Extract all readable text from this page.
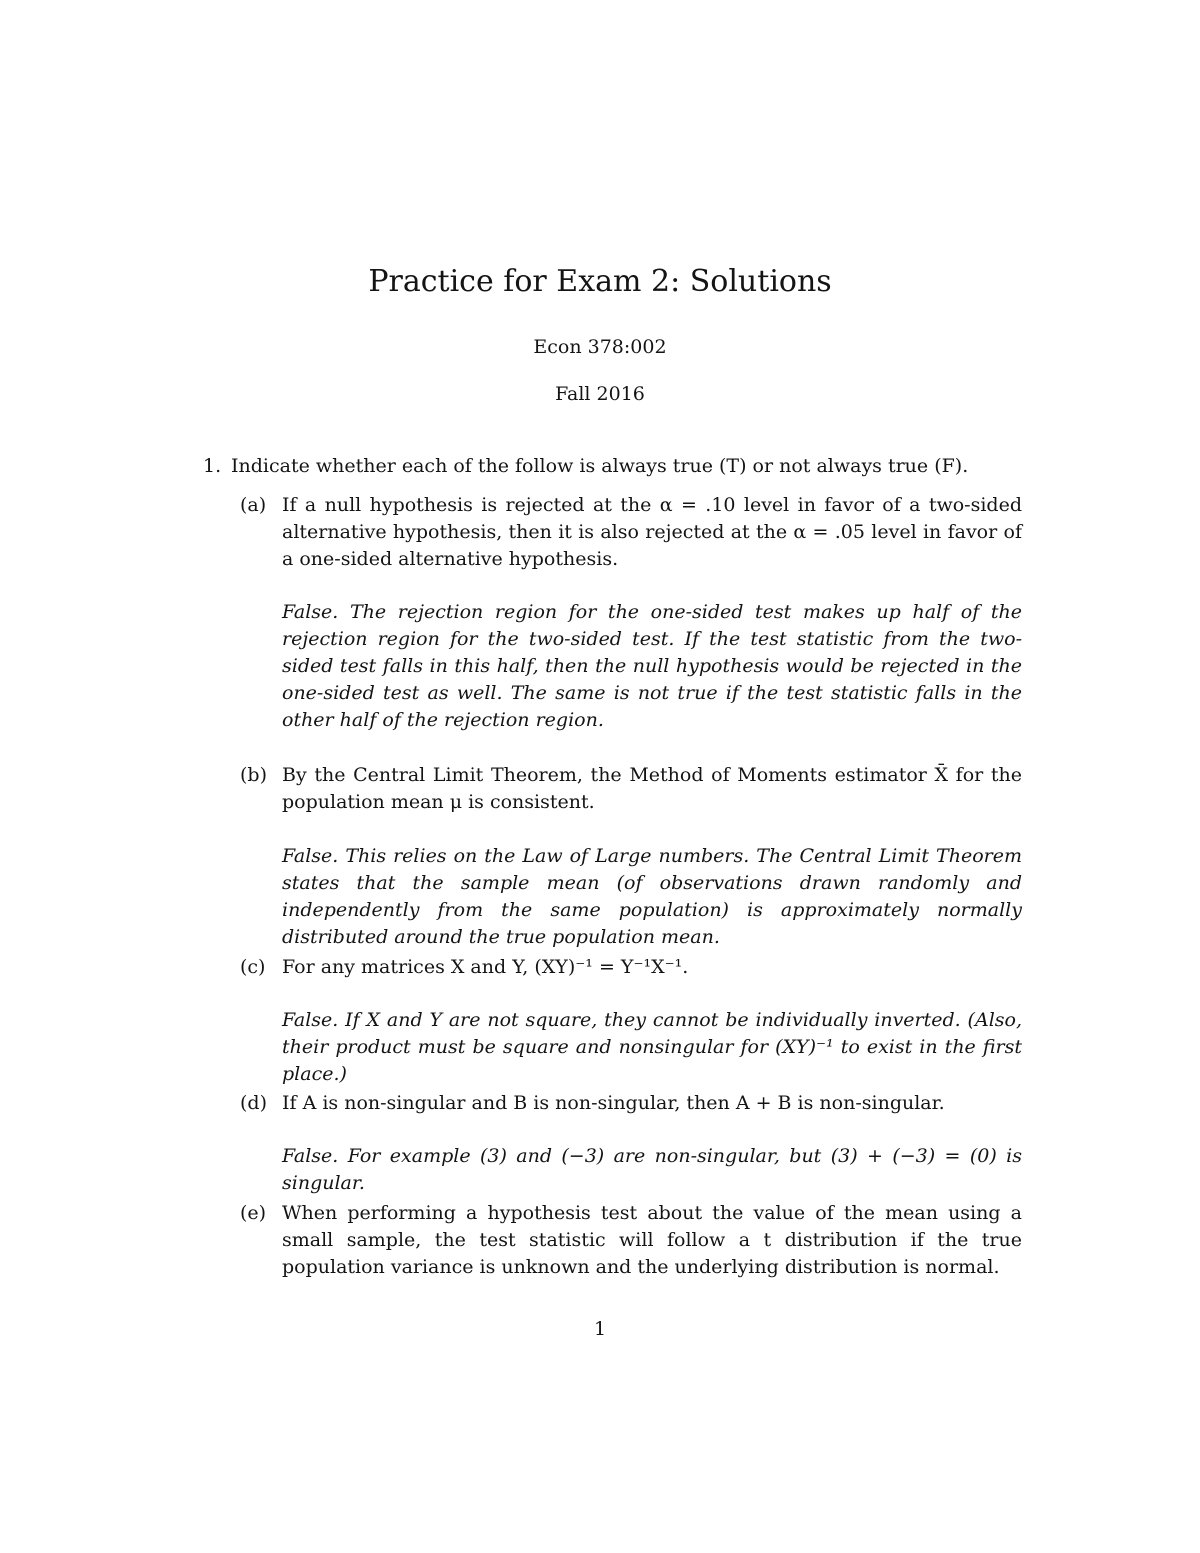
Practice for Exam 2: Solutions
Econ 378:002
Fall 2016
1. Indicate whether each of the follow is always true (T) or not always true (F).
(a) If a null hypothesis is rejected at the α = .10 level in favor of a two-sided alternative hypothesis, then it is also rejected at the α = .05 level in favor of a one-sided alternative hypothesis.
False. The rejection region for the one-sided test makes up half of the rejection region for the two-sided test. If the test statistic from the two-sided test falls in this half, then the null hypothesis would be rejected in the one-sided test as well. The same is not true if the test statistic falls in the other half of the rejection region.
(b) By the Central Limit Theorem, the Method of Moments estimator X̄ for the population mean μ is consistent.
False. This relies on the Law of Large numbers. The Central Limit Theorem states that the sample mean (of observations drawn randomly and independently from the same population) is approximately normally distributed around the true population mean.
(c) For any matrices X and Y, (XY)⁻¹ = Y⁻¹X⁻¹.
False. If X and Y are not square, they cannot be individually inverted. (Also, their product must be square and nonsingular for (XY)⁻¹ to exist in the first place.)
(d) If A is non-singular and B is non-singular, then A + B is non-singular.
False. For example (3) and (−3) are non-singular, but (3) + (−3) = (0) is singular.
(e) When performing a hypothesis test about the value of the mean using a small sample, the test statistic will follow a t distribution if the true population variance is unknown and the underlying distribution is normal.
1
